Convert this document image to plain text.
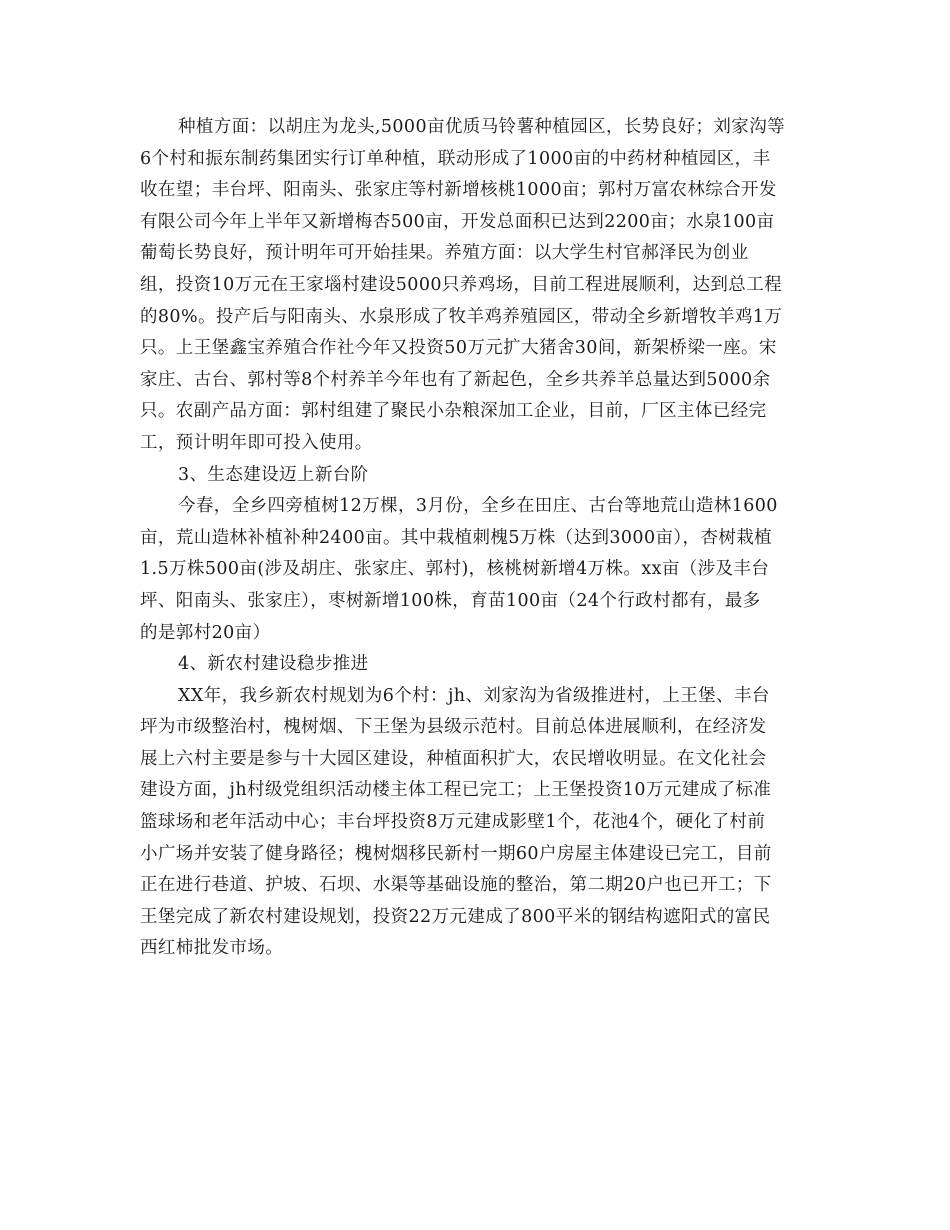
种植方面：以胡庄为龙头,5000亩优质马铃薯种植园区，长势良好；刘家沟等
6个村和振东制药集团实行订单种植，联动形成了1000亩的中药材种植园区，丰
收在望；丰台坪、阳南头、张家庄等村新增核桃1000亩；郭村万富农林综合开发
有限公司今年上半年又新增梅杏500亩，开发总面积已达到2200亩；水泉100亩
葡萄长势良好，预计明年可开始挂果。养殖方面：以大学生村官郝泽民为创业
组，投资10万元在王家堖村建设5000只养鸡场，目前工程进展顺利，达到总工程
的80%。投产后与阳南头、水泉形成了牧羊鸡养殖园区，带动全乡新增牧羊鸡1万
只。上王堡鑫宝养殖合作社今年又投资50万元扩大猪舍30间，新架桥梁一座。宋
家庄、古台、郭村等8个村养羊今年也有了新起色，全乡共养羊总量达到5000余
只。农副产品方面：郭村组建了聚民小杂粮深加工企业，目前，厂区主体已经完
工，预计明年即可投入使用。
3、生态建设迈上新台阶
今春，全乡四旁植树12万棵，3月份，全乡在田庄、古台等地荒山造林1600
亩，荒山造林补植补种2400亩。其中栽植刺槐5万株（达到3000亩），杏树栽植
1.5万株500亩(涉及胡庄、张家庄、郭村)，核桃树新增4万株。xx亩（涉及丰台
坪、阳南头、张家庄），枣树新增100株，育苗100亩（24个行政村都有，最多
的是郭村20亩）
4、新农村建设稳步推进
XX年，我乡新农村规划为6个村：jh、刘家沟为省级推进村，上王堡、丰台
坪为市级整治村，槐树烟、下王堡为县级示范村。目前总体进展顺利，在经济发
展上六村主要是参与十大园区建设，种植面积扩大，农民增收明显。在文化社会
建设方面，jh村级党组织活动楼主体工程已完工；上王堡投资10万元建成了标准
篮球场和老年活动中心；丰台坪投资8万元建成影壁1个，花池4个，硬化了村前
小广场并安装了健身路径；槐树烟移民新村一期60户房屋主体建设已完工，目前
正在进行巷道、护坡、石坝、水渠等基础设施的整治，第二期20户也已开工；下
王堡完成了新农村建设规划，投资22万元建成了800平米的钢结构遮阳式的富民
西红柿批发市场。
